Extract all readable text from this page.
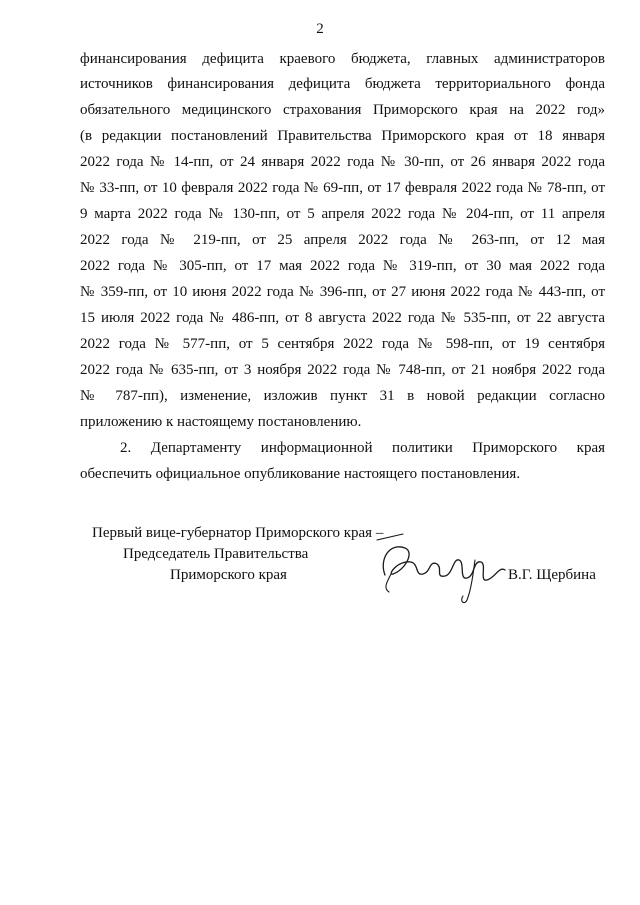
2
финансирования дефицита краевого бюджета, главных администраторов
источников финансирования дефицита бюджета территориального фонда
обязательного медицинского страхования Приморского края на 2022 год»
(в редакции постановлений Правительства Приморского края от 18 января
2022 года № 14-пп, от 24 января 2022 года № 30-пп, от 26 января 2022 года
№ 33-пп, от 10 февраля 2022 года № 69-пп, от 17 февраля 2022 года № 78-пп, от
9 марта 2022 года № 130-пп, от 5 апреля 2022 года № 204-пп, от 11 апреля
2022 года № 219-пп, от 25 апреля 2022 года № 263-пп, от 12 мая
2022 года № 305-пп, от 17 мая 2022 года № 319-пп, от 30 мая 2022 года
№ 359-пп, от 10 июня 2022 года № 396-пп, от 27 июня 2022 года № 443-пп, от
15 июля 2022 года № 486-пп, от 8 августа 2022 года № 535-пп, от 22 августа
2022 года № 577-пп, от 5 сентября 2022 года № 598-пп, от 19 сентября
2022 года № 635-пп, от 3 ноября 2022 года № 748-пп, от 21 ноября 2022 года
№ 787-пп), изменение, изложив пункт 31 в новой редакции согласно
приложению к настоящему постановлению.
2. Департаменту информационной политики Приморского края
обеспечить официальное опубликование настоящего постановления.
Первый вице-губернатор Приморского края –
Председатель Правительства
Приморского края	В.Г. Щербина
